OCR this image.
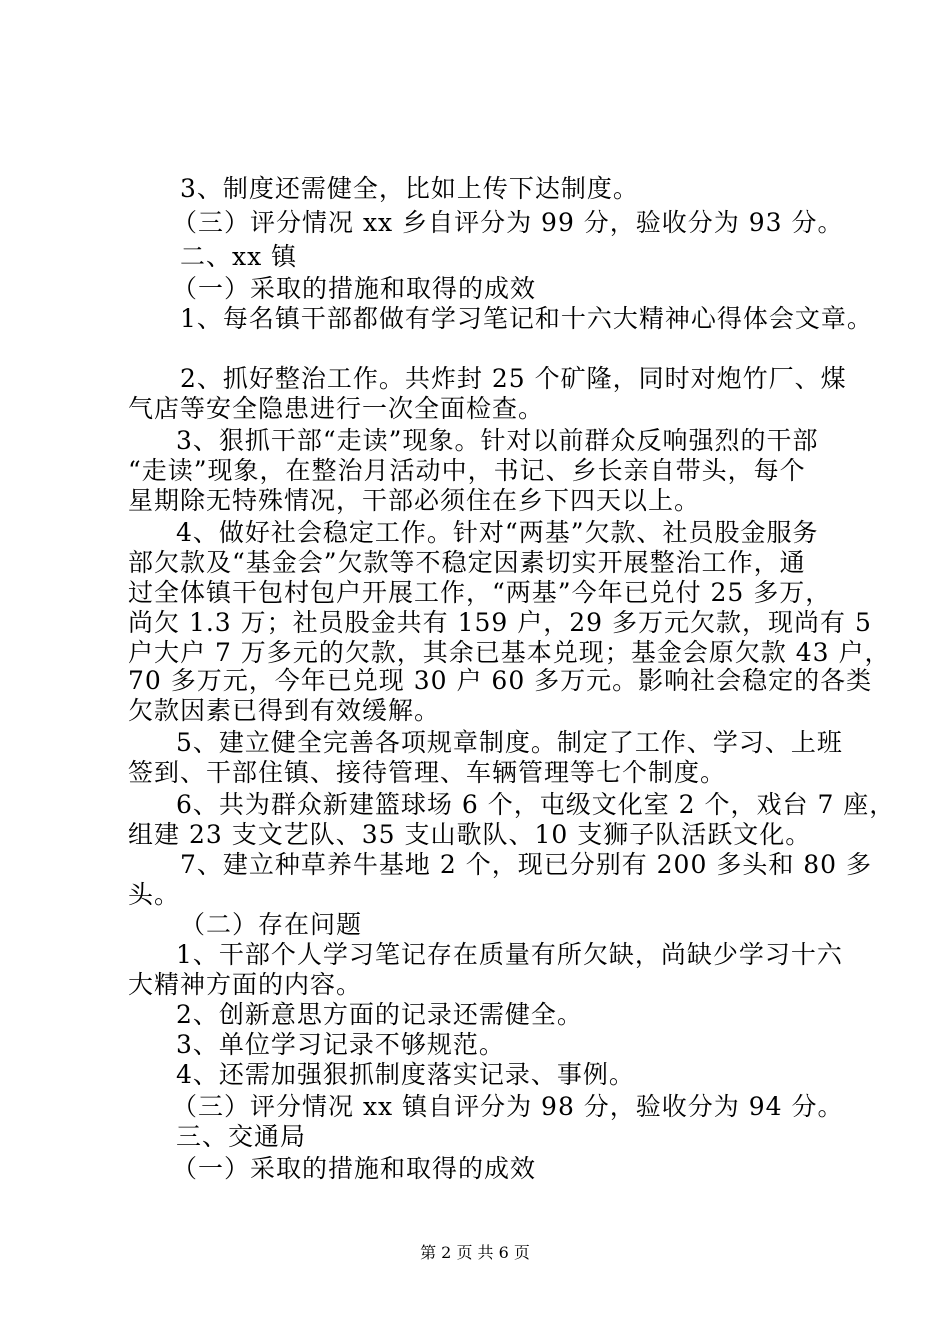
3、制度还需健全，比如上传下达制度。
（三）评分情况 xx 乡自评分为 99 分，验收分为 93 分。
二、xx 镇
（一）采取的措施和取得的成效
1、每名镇干部都做有学习笔记和十六大精神心得体会文章。
2、抓好整治工作。共炸封 25 个矿隆，同时对炮竹厂、煤
气店等安全隐患进行一次全面检查。
3、狠抓干部“走读”现象。针对以前群众反响强烈的干部
“走读”现象，在整治月活动中，书记、乡长亲自带头，每个
星期除无特殊情况，干部必须住在乡下四天以上。
4、做好社会稳定工作。针对“两基”欠款、社员股金服务
部欠款及“基金会”欠款等不稳定因素切实开展整治工作，通
过全体镇干包村包户开展工作，“两基”今年已兑付 25 多万，
尚欠 1.3 万；社员股金共有 159 户，29 多万元欠款，现尚有 5
户大户 7 万多元的欠款，其余已基本兑现；基金会原欠款 43 户，
70 多万元，今年已兑现 30 户 60 多万元。影响社会稳定的各类
欠款因素已得到有效缓解。
5、建立健全完善各项规章制度。制定了工作、学习、上班
签到、干部住镇、接待管理、车辆管理等七个制度。
6、共为群众新建篮球场 6 个，屯级文化室 2 个，戏台 7 座，
组建 23 支文艺队、35 支山歌队、10 支狮子队活跃文化。
7、建立种草养牛基地 2 个，现已分别有 200 多头和 80 多
头。
（二）存在问题
1、干部个人学习笔记存在质量有所欠缺，尚缺少学习十六
大精神方面的内容。
2、创新意思方面的记录还需健全。
3、单位学习记录不够规范。
4、还需加强狠抓制度落实记录、事例。
（三）评分情况 xx 镇自评分为 98 分，验收分为 94 分。
三、交通局
（一）采取的措施和取得的成效
第 2 页 共 6 页
